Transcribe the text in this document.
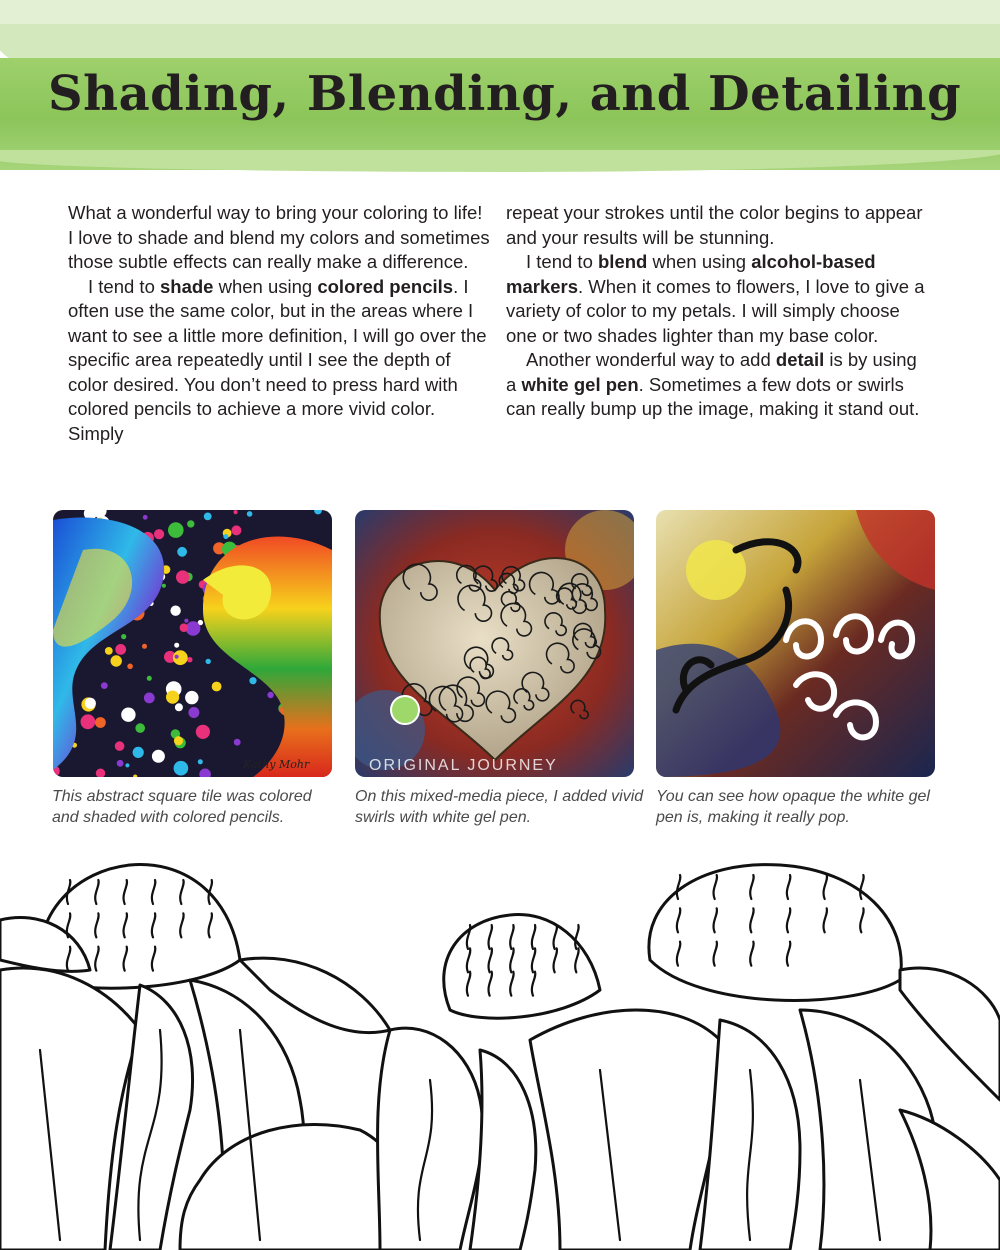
Shading, Blending, and Detailing

What a wonderful way to bring your coloring to life! I love to shade and blend my colors and sometimes those subtle effects can really make a difference.

I tend to shade when using colored pencils. I often use the same color, but in the areas where I want to see a little more definition, I will go over the specific area repeatedly until I see the depth of color desired. You don’t need to press hard with colored pencils to achieve a more vivid color. Simply

repeat your strokes until the color begins to appear and your results will be stunning.

I tend to blend when using alcohol-based markers. When it comes to flowers, I love to give a variety of color to my petals. I will simply choose one or two shades lighter than my base color.

Another wonderful way to add detail is by using a white gel pen. Sometimes a few dots or swirls can really bump up the image, making it stand out.

Kathy Mohr
This abstract square tile was colored and shaded with colored pencils.
ORIGINAL JOURNEY
On this mixed-media piece, I added vivid swirls with white gel pen.
You can see how opaque the white gel pen is, making it really pop.
